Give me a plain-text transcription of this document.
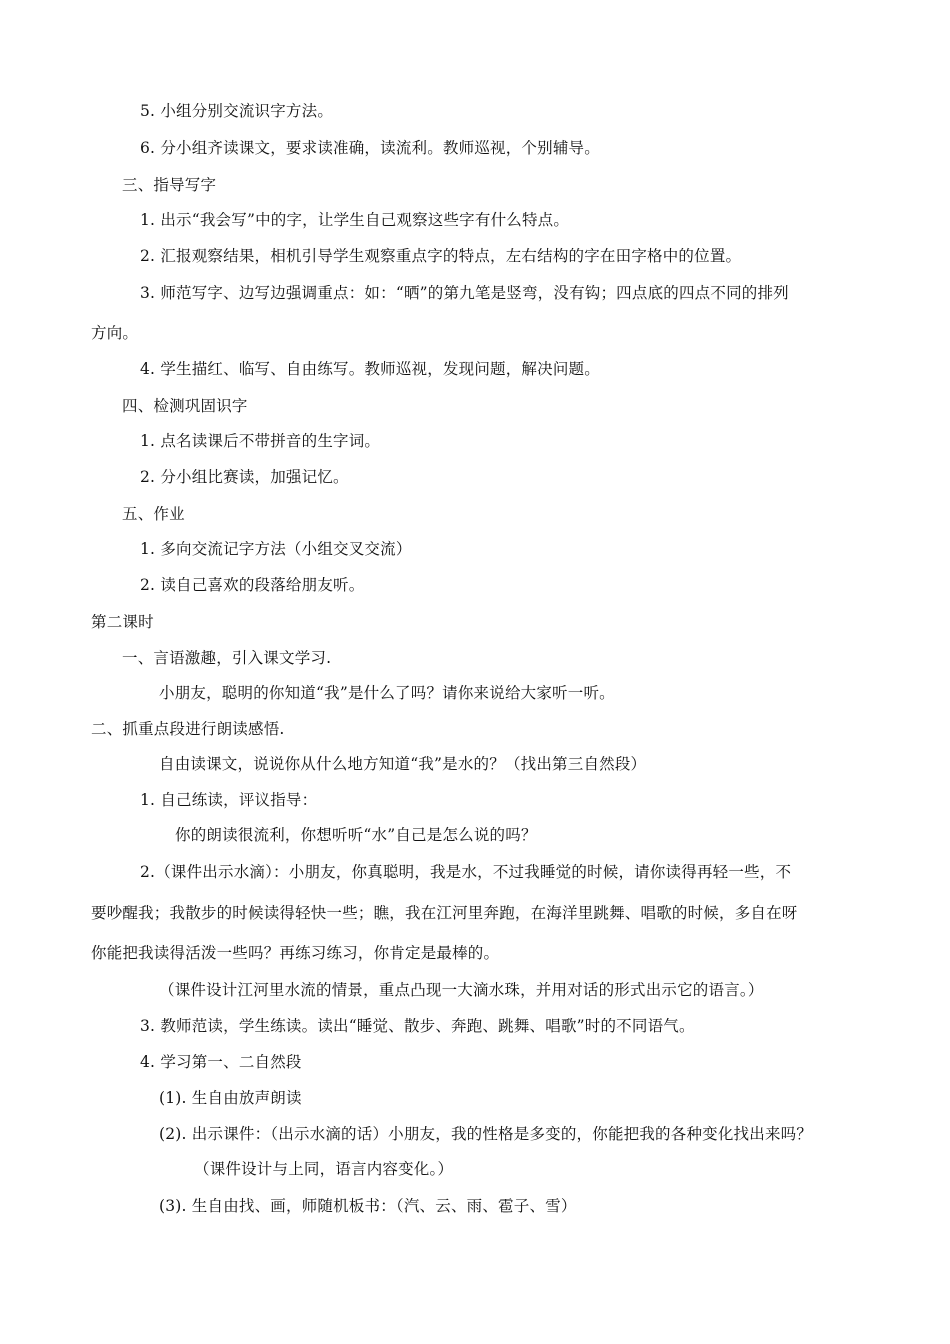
5. 小组分别交流识字方法。
6. 分小组齐读课文，要求读准确，读流利。教师巡视，个别辅导。
三、指导写字
1. 出示“我会写”中的字，让学生自己观察这些字有什么特点。
2. 汇报观察结果，相机引导学生观察重点字的特点，左右结构的字在田字格中的位置。
3. 师范写字、边写边强调重点：如：“晒”的第九笔是竖弯，没有钩；四点底的四点不同的排列
方向。
4. 学生描红、临写、自由练写。教师巡视，发现问题，解决问题。
四、检测巩固识字
1. 点名读课后不带拼音的生字词。
2. 分小组比赛读，加强记忆。
五、作业
1. 多向交流记字方法（小组交叉交流）
2. 读自己喜欢的段落给朋友听。
第二课时
一、言语激趣，引入课文学习.
小朋友，聪明的你知道“我”是什么了吗？请你来说给大家听一听。
二、抓重点段进行朗读感悟.
自由读课文，说说你从什么地方知道“我”是水的？（找出第三自然段）
1. 自己练读，评议指导：
你的朗读很流利，你想听听“水”自己是怎么说的吗？
2.（课件出示水滴）：小朋友，你真聪明，我是水，不过我睡觉的时候，请你读得再轻一些，不
要吵醒我；我散步的时候读得轻快一些；瞧，我在江河里奔跑，在海洋里跳舞、唱歌的时候，多自在呀
你能把我读得活泼一些吗？再练习练习，你肯定是最棒的。
（课件设计江河里水流的情景，重点凸现一大滴水珠，并用对话的形式出示它的语言。）
3. 教师范读，学生练读。读出“睡觉、散步、奔跑、跳舞、唱歌”时的不同语气。
4. 学习第一、二自然段
(1). 生自由放声朗读
(2). 出示课件：（出示水滴的话）小朋友，我的性格是多变的，你能把我的各种变化找出来吗？
（课件设计与上同，语言内容变化。）
(3). 生自由找、画，师随机板书：（汽、云、雨、雹子、雪）
